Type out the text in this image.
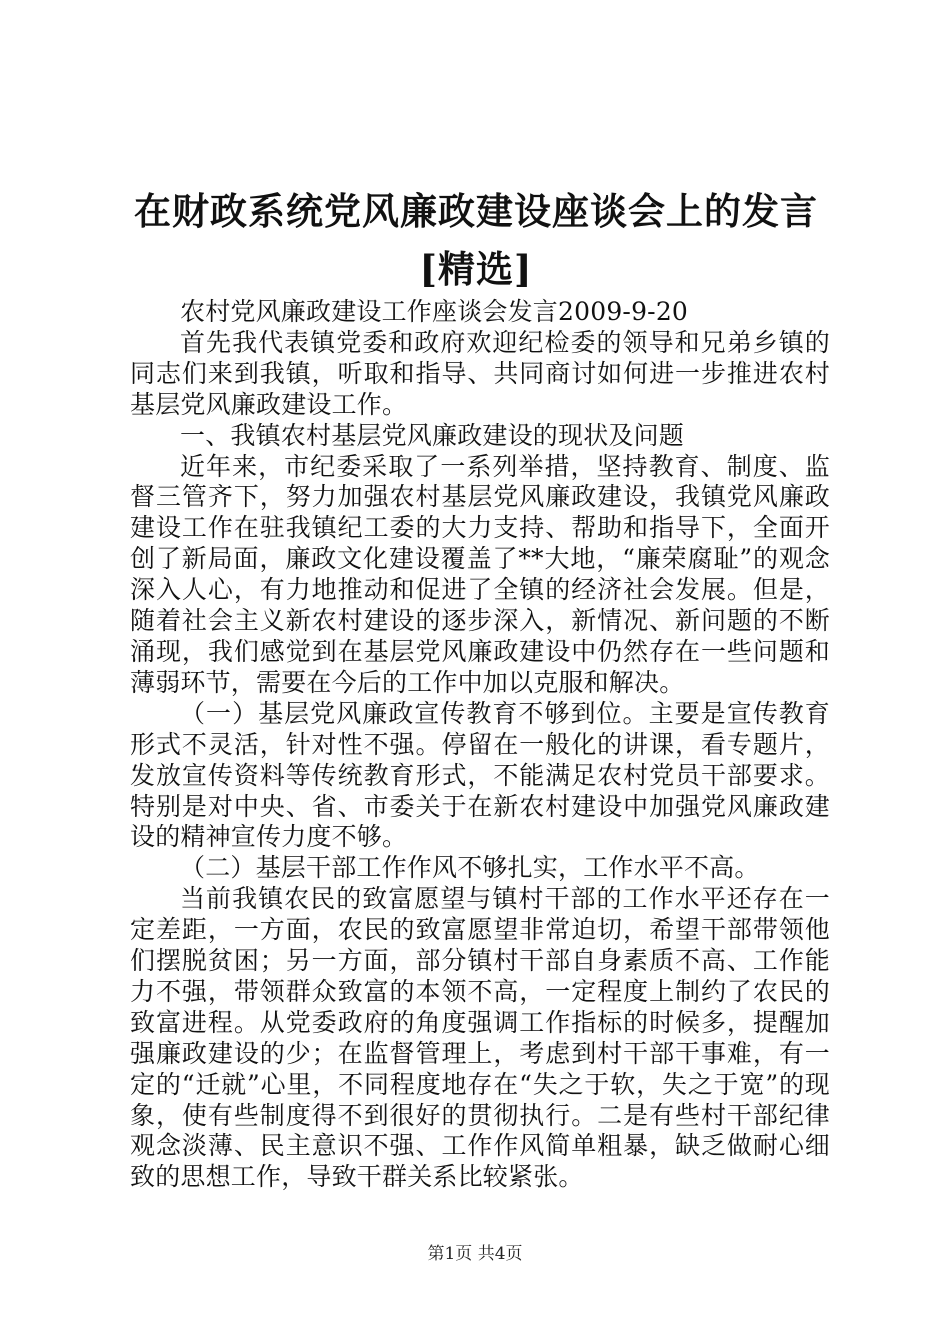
在财政系统党风廉政建设座谈会上的发言[精选]

农村党风廉政建设工作座谈会发言2009-9-20

首先我代表镇党委和政府欢迎纪检委的领导和兄弟乡镇的同志们来到我镇，听取和指导、共同商讨如何进一步推进农村基层党风廉政建设工作。

一、我镇农村基层党风廉政建设的现状及问题

近年来，市纪委采取了一系列举措，坚持教育、制度、监督三管齐下，努力加强农村基层党风廉政建设，我镇党风廉政建设工作在驻我镇纪工委的大力支持、帮助和指导下，全面开创了新局面，廉政文化建设覆盖了**大地，“廉荣腐耻”的观念深入人心，有力地推动和促进了全镇的经济社会发展。但是，随着社会主义新农村建设的逐步深入，新情况、新问题的不断涌现，我们感觉到在基层党风廉政建设中仍然存在一些问题和薄弱环节，需要在今后的工作中加以克服和解决。

（一）基层党风廉政宣传教育不够到位。主要是宣传教育形式不灵活，针对性不强。停留在一般化的讲课，看专题片，发放宣传资料等传统教育形式，不能满足农村党员干部要求。特别是对中央、省、市委关于在新农村建设中加强党风廉政建设的精神宣传力度不够。

（二）基层干部工作作风不够扎实，工作水平不高。

当前我镇农民的致富愿望与镇村干部的工作水平还存在一定差距，一方面，农民的致富愿望非常迫切，希望干部带领他们摆脱贫困；另一方面，部分镇村干部自身素质不高、工作能力不强，带领群众致富的本领不高，一定程度上制约了农民的致富进程。从党委政府的角度强调工作指标的时候多，提醒加强廉政建设的少；在监督管理上，考虑到村干部干事难，有一定的“迁就”心里，不同程度地存在“失之于软，失之于宽”的现象，使有些制度得不到很好的贯彻执行。二是有些村干部纪律观念淡薄、民主意识不强、工作作风简单粗暴，缺乏做耐心细致的思想工作，导致干群关系比较紧张。

第1页 共4页
